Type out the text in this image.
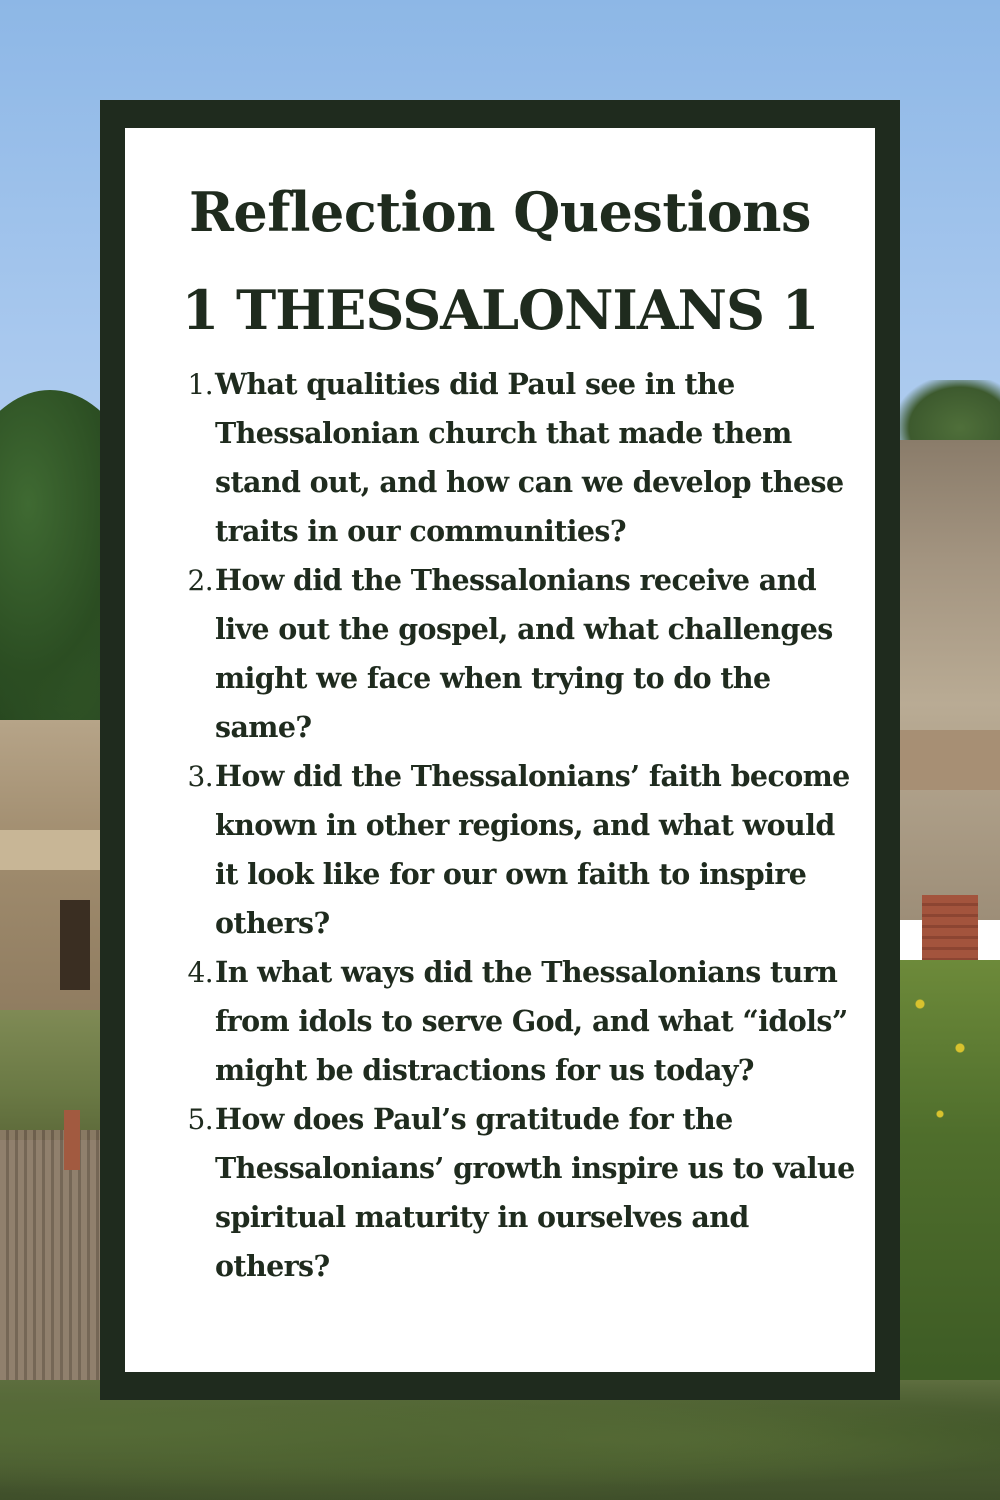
Reflection Questions
1 THESSALONIANS 1
1. What qualities did Paul see in the Thessalonian church that made them stand out, and how can we develop these traits in our communities?
2. How did the Thessalonians receive and live out the gospel, and what challenges might we face when trying to do the same?
3. How did the Thessalonians’ faith become known in other regions, and what would it look like for our own faith to inspire others?
4. In what ways did the Thessalonians turn from idols to serve God, and what “idols” might be distractions for us today?
5. How does Paul’s gratitude for the Thessalonians’ growth inspire us to value spiritual maturity in ourselves and others?
